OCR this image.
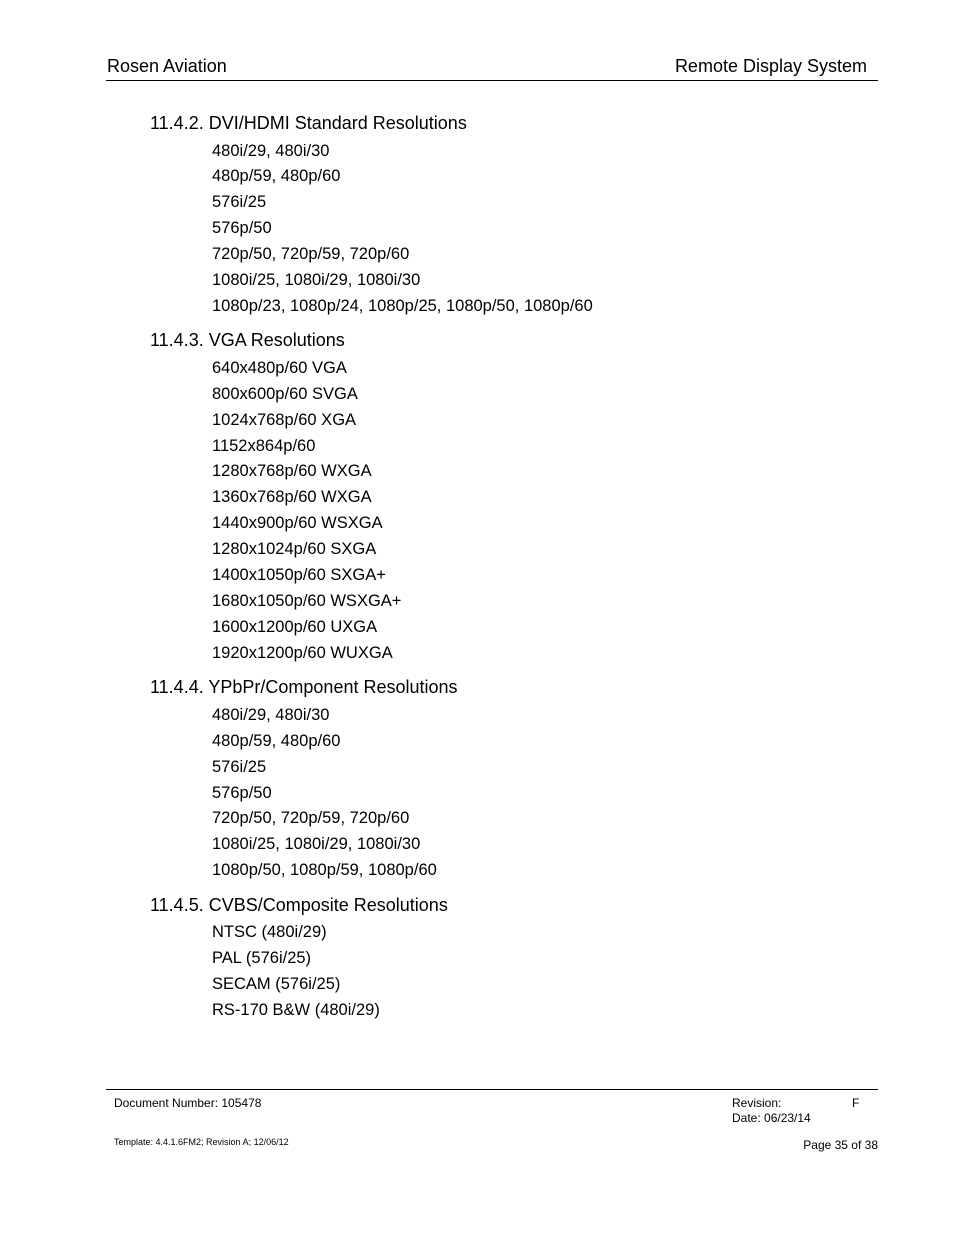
Rosen Aviation	Remote Display System
11.4.2. DVI/HDMI Standard Resolutions
480i/29, 480i/30
480p/59, 480p/60
576i/25
576p/50
720p/50, 720p/59, 720p/60
1080i/25, 1080i/29, 1080i/30
1080p/23, 1080p/24, 1080p/25, 1080p/50, 1080p/60
11.4.3. VGA Resolutions
640x480p/60 VGA
800x600p/60 SVGA
1024x768p/60 XGA
1152x864p/60
1280x768p/60 WXGA
1360x768p/60 WXGA
1440x900p/60 WSXGA
1280x1024p/60 SXGA
1400x1050p/60 SXGA+
1680x1050p/60 WSXGA+
1600x1200p/60 UXGA
1920x1200p/60 WUXGA
11.4.4. YPbPr/Component Resolutions
480i/29, 480i/30
480p/59, 480p/60
576i/25
576p/50
720p/50, 720p/59, 720p/60
1080i/25, 1080i/29, 1080i/30
1080p/50, 1080p/59, 1080p/60
11.4.5. CVBS/Composite Resolutions
NTSC (480i/29)
PAL (576i/25)
SECAM (576i/25)
RS-170 B&W (480i/29)
Document Number: 105478	Revision:	F
Date: 06/23/14
Template: 4.4.1.6FM2; Revision A; 12/06/12	Page 35 of 38
